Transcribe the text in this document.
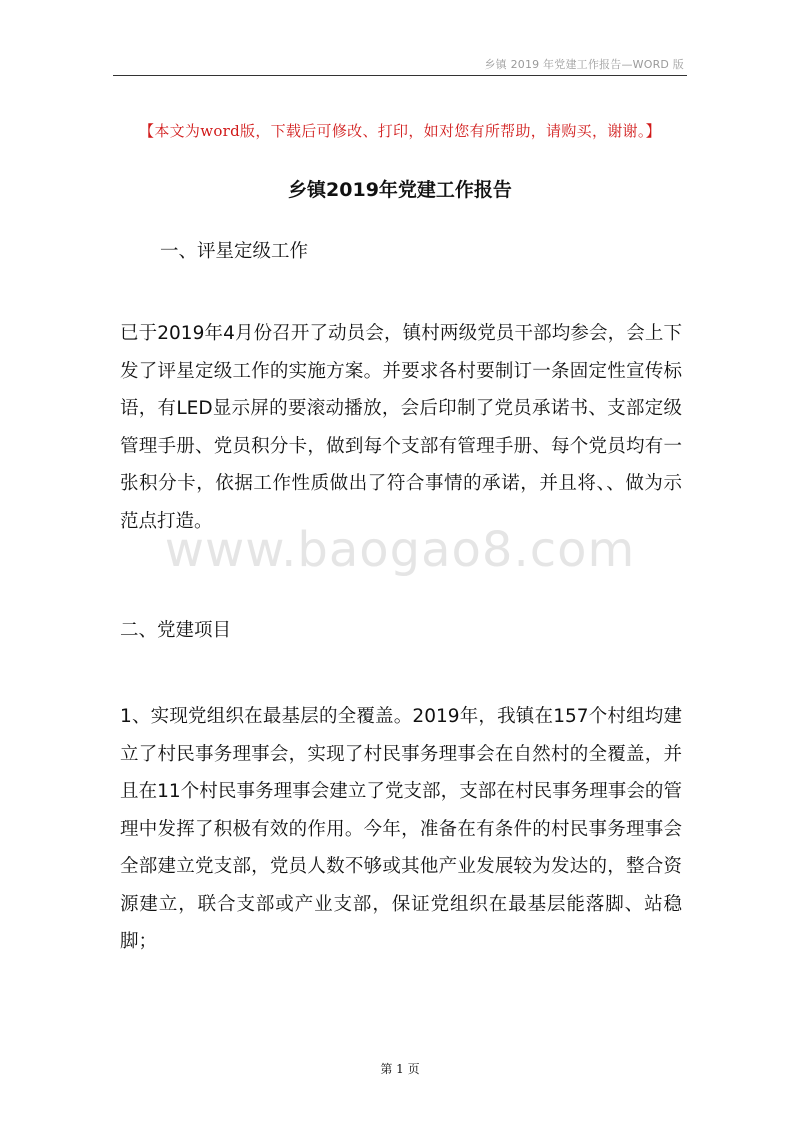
乡镇 2019 年党建工作报告—WORD 版
【本文为word版，下载后可修改、打印，如对您有所帮助，请购买，谢谢。】
乡镇2019年党建工作报告
一、评星定级工作
已于2019年4月份召开了动员会，镇村两级党员干部均参会，会上下发了评星定级工作的实施方案。并要求各村要制订一条固定性宣传标语，有LED显示屏的要滚动播放，会后印制了党员承诺书、支部定级管理手册、党员积分卡，做到每个支部有管理手册、每个党员均有一张积分卡，依据工作性质做出了符合事情的承诺，并且将、、做为示范点打造。
www.baogao8.com
二、党建项目
1、实现党组织在最基层的全覆盖。2019年，我镇在157个村组均建立了村民事务理事会，实现了村民事务理事会在自然村的全覆盖，并且在11个村民事务理事会建立了党支部，支部在村民事务理事会的管理中发挥了积极有效的作用。今年，准备在有条件的村民事务理事会全部建立党支部，党员人数不够或其他产业发展较为发达的，整合资源建立，联合支部或产业支部，保证党组织在最基层能落脚、站稳脚；
第 1 页
